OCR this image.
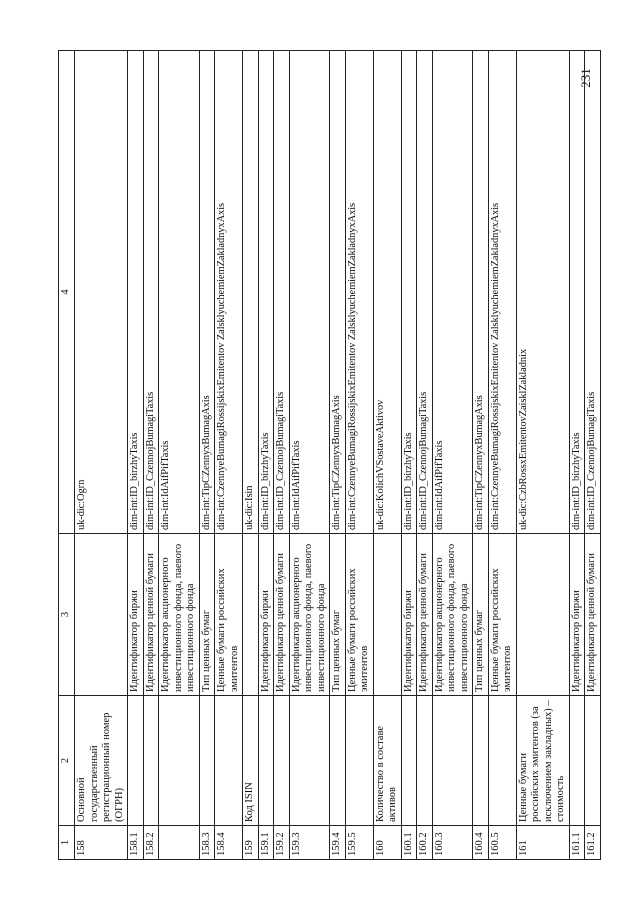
231
1	2	3	4
158	Основной государственный регистрационный номер (ОГРН)		uk-dic:Ogrn
158.1		Идентификатор биржи	dim-int:ID_birzhyTaxis
158.2		Идентификатор ценной бумаги	dim-int:ID_CzennojBumagiTaxis
		Идентификатор акционерного инвестиционного фонда, паевого инвестиционного фонда	dim-int:IdAifPifTaxis
158.3		Тип ценных бумаг	dim-int:TipCZennyxBumagAxis
158.4		Ценные бумаги российских эмитентов	dim-int:CzennyeBumagiRossijskixEmitentov ZalsklyuchemiemZakladnyxAxis
159	Код ISIN		uk-dic:Isin
159.1		Идентификатор биржи	dim-int:ID_birzhyTaxis
159.2		Идентификатор ценной бумаги	dim-int:ID_CzennojBumagiTaxis
159.3		Идентификатор акционерного инвестиционного фонда, паевого инвестиционного фонда	dim-int:IdAifPifTaxis
159.4		Тип ценных бумаг	dim-int:TipCZennyxBumagAxis
159.5		Ценные бумаги российских эмитентов	dim-int:CzennyeBumagiRossijskixEmitentov ZalsklyuchemiemZakladnyxAxis
160	Количество в составе активов		uk-dic:KolichVSostaveAktivov
160.1		Идентификатор биржи	dim-int:ID_birzhyTaxis
160.2		Идентификатор ценной бумаги	dim-int:ID_CzennojBumagiTaxis
160.3		Идентификатор акционерного инвестиционного фонда, паевого инвестиционного фонда	dim-int:IdAifPifTaxis
160.4		Тип ценных бумаг	dim-int:TipCZennyxBumagAxis
160.5		Ценные бумаги российских эмитентов	dim-int:CzennyeBumagiRossijskixEmitentov ZalsklyuchemiemZakladnyxAxis
161	Ценные бумаги российских эмитентов (за исключением закладных) – стоимость		uk-dic:CzbRossxEmitentovZaisklZakladnix
161.1		Идентификатор биржи	dim-int:ID_birzhyTaxis
161.2		Идентификатор ценной бумаги	dim-int:ID_CzennojBumagiTaxis
